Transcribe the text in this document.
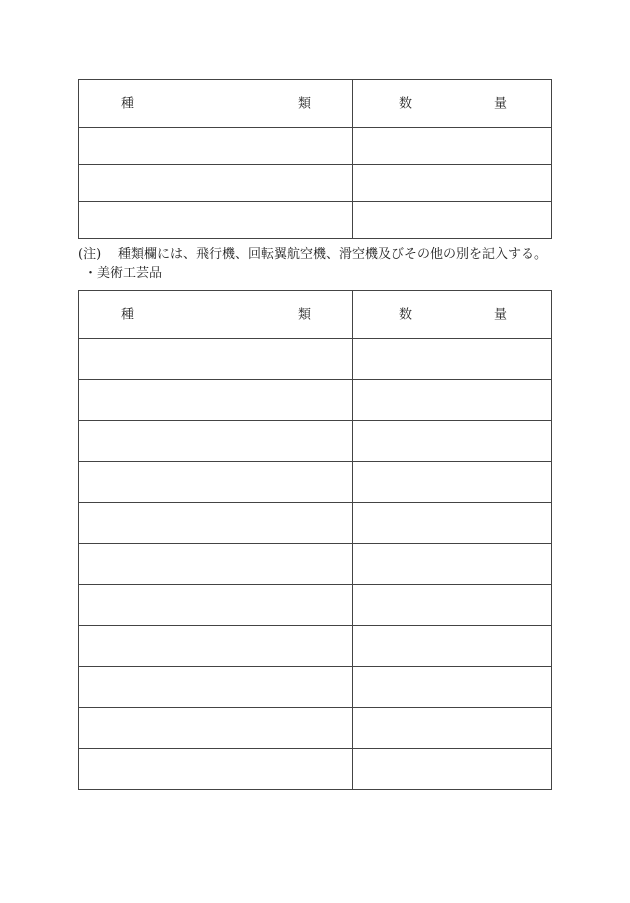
種 類	数 量

(注) 種類欄には、飛行機、回転翼航空機、滑空機及びその他の別を記入する。
・美術工芸品
種 類	数 量
